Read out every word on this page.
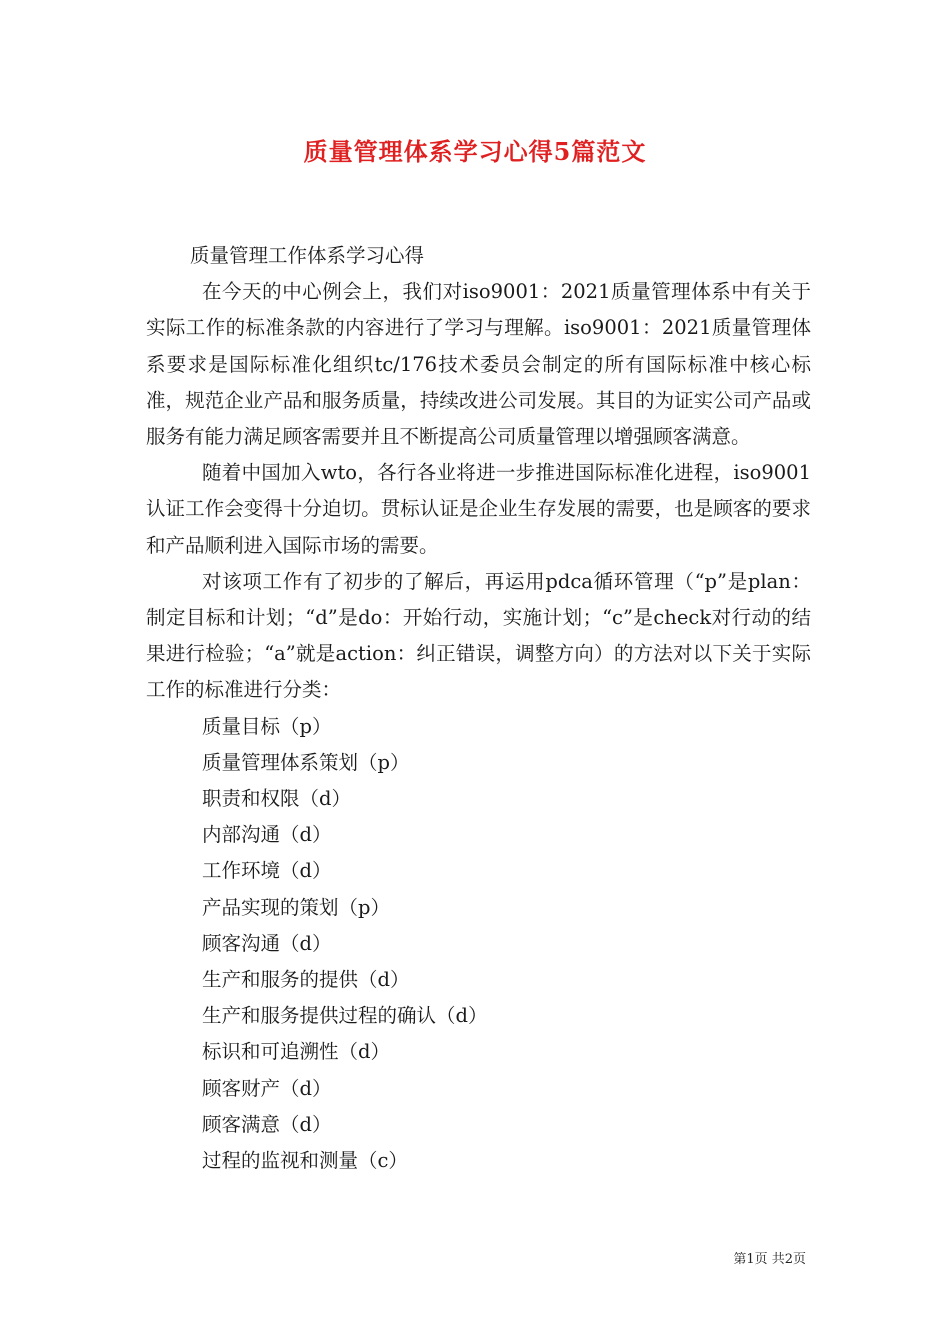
质量管理体系学习心得5篇范文

质量管理工作体系学习心得

在今天的中心例会上，我们对iso9001：2021质量管理体系中有关于实际工作的标准条款的内容进行了学习与理解。iso9001：2021质量管理体系要求是国际标准化组织tc/176技术委员会制定的所有国际标准中核心标准，规范企业产品和服务质量，持续改进公司发展。其目的为证实公司产品或服务有能力满足顾客需要并且不断提高公司质量管理以增强顾客满意。

随着中国加入wto，各行各业将进一步推进国际标准化进程，iso9001认证工作会变得十分迫切。贯标认证是企业生存发展的需要，也是顾客的要求和产品顺利进入国际市场的需要。

对该项工作有了初步的了解后，再运用pdca循环管理（“p”是plan：制定目标和计划；“d”是do：开始行动，实施计划；“c”是check对行动的结果进行检验；“a”就是action：纠正错误，调整方向）的方法对以下关于实际工作的标准进行分类：

质量目标（p）
质量管理体系策划（p）
职责和权限（d）
内部沟通（d）
工作环境（d）
产品实现的策划（p）
顾客沟通（d）
生产和服务的提供（d）
生产和服务提供过程的确认（d）
标识和可追溯性（d）
顾客财产（d）
顾客满意（d）
过程的监视和测量（c）
第1页 共2页
